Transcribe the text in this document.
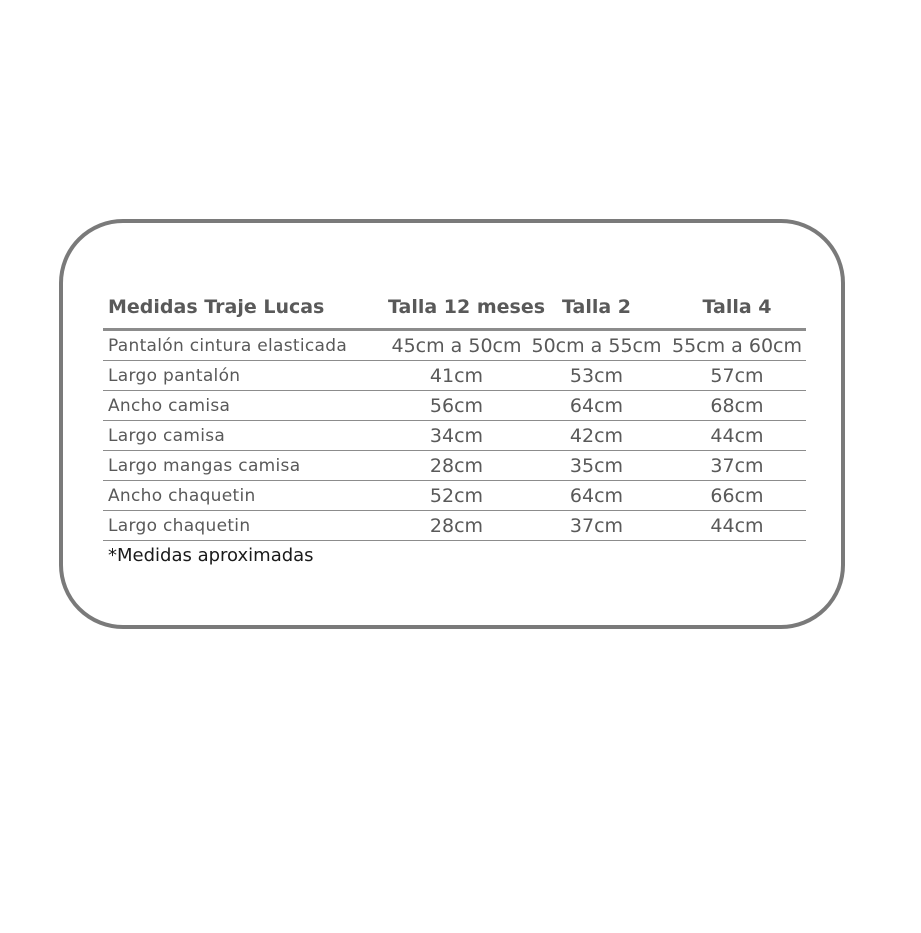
Medidas Traje Lucas	Talla 12 meses	Talla 2	Talla 4
Pantalón cintura elasticada	45cm a 50cm	50cm a 55cm	55cm a 60cm
Largo pantalón	41cm	53cm	57cm
Ancho camisa	56cm	64cm	68cm
Largo camisa	34cm	42cm	44cm
Largo mangas camisa	28cm	35cm	37cm
Ancho chaquetin	52cm	64cm	66cm
Largo chaquetin	28cm	37cm	44cm
*Medidas aproximadas
